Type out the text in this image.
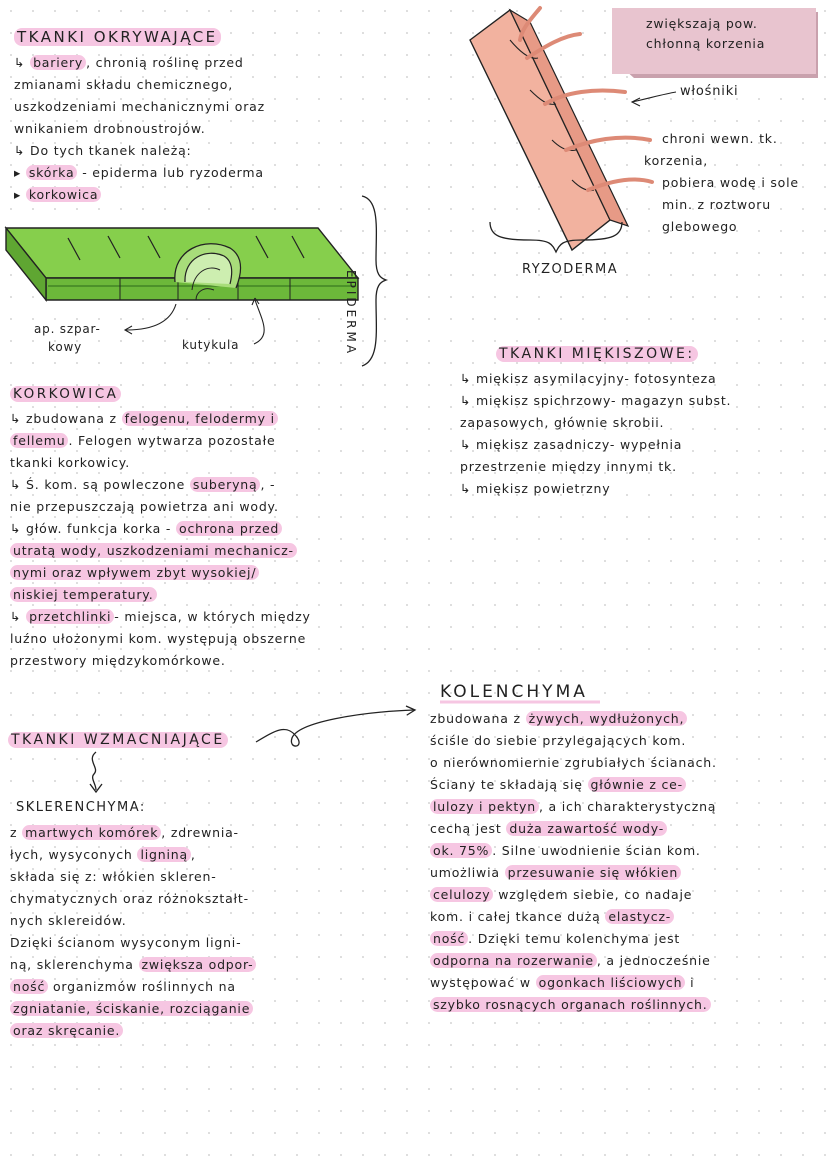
TKANKI OKRYWAJĄCE
↳ bariery , chronią roślinę przed
zmianami składu chemicznego,
uszkodzeniami mechanicznymi oraz
wnikaniem drobnoustrojów.
↳ Do tych tkanek należą:
▸ skórka - epiderma lub ryzoderma
▸ korkowica
EPIDERMA
ap. szpar-
kowy	kutykula
zwiększają pow.
chłonną korzenia
włośniki
chroni wewn. tk.
korzenia,
pobiera wodę i sole
min. z roztworu
glebowego
RYZODERMA
TKANKI MIĘKISZOWE:
↳ miękisz asymilacyjny- fotosynteza
↳ miękisz spichrzowy- magazyn subst.
zapasowych, głównie skrobii.
↳ miękisz zasadniczy- wypełnia
przestrzenie między innymi tk.
↳ miękisz powietrzny
KORKOWICA
↳ zbudowana z felogenu, felodermy i
fellemu . Felogen wytwarza pozostałe
tkanki korkowicy.
↳ Ś. kom. są powleczone suberyną , -
nie przepuszczają powietrza ani wody.
↳ głów. funkcja korka - ochrona przed
utratą wody, uszkodzeniami mechanicz-
nymi oraz wpływem zbyt wysokiej/
niskiej temperatury.
↳ przetchlinki - miejsca, w których między
luźno ułożonymi kom. występują obszerne
przestwory międzykomórkowe.
TKANKI WZMACNIAJĄCE
SKLERENCHYMA:
z martwych komórek , zdrewnia-
łych, wysyconych ligniną ,
składa się z: włókien skleren-
chymatycznych oraz różnokształt-
nych sklereidów.
Dzięki ścianom wysyconym ligni-
ną, sklerenchyma zwiększa odpor-
ność organizmów roślinnych na
zgniatanie, ściskanie, rozciąganie
oraz skręcanie.
KOLENCHYMA
zbudowana z żywych, wydłużonych,
ściśle do siebie przylegających kom.
o nierównomiernie zgrubiałych ścianach.
Ściany te składają się głównie z ce-
lulozy i pektyn , a ich charakterystyczną
cechą jest duża zawartość wody-
ok. 75% . Silne uwodnienie ścian kom.
umożliwia przesuwanie się włókien
celulozy względem siebie, co nadaje
kom. i całej tkance dużą elastycz-
ność . Dzięki temu kolenchyma jest
odporna na rozerwanie , a jednocześnie
występować w ogonkach liściowych i
szybko rosnących organach roślinnych.
